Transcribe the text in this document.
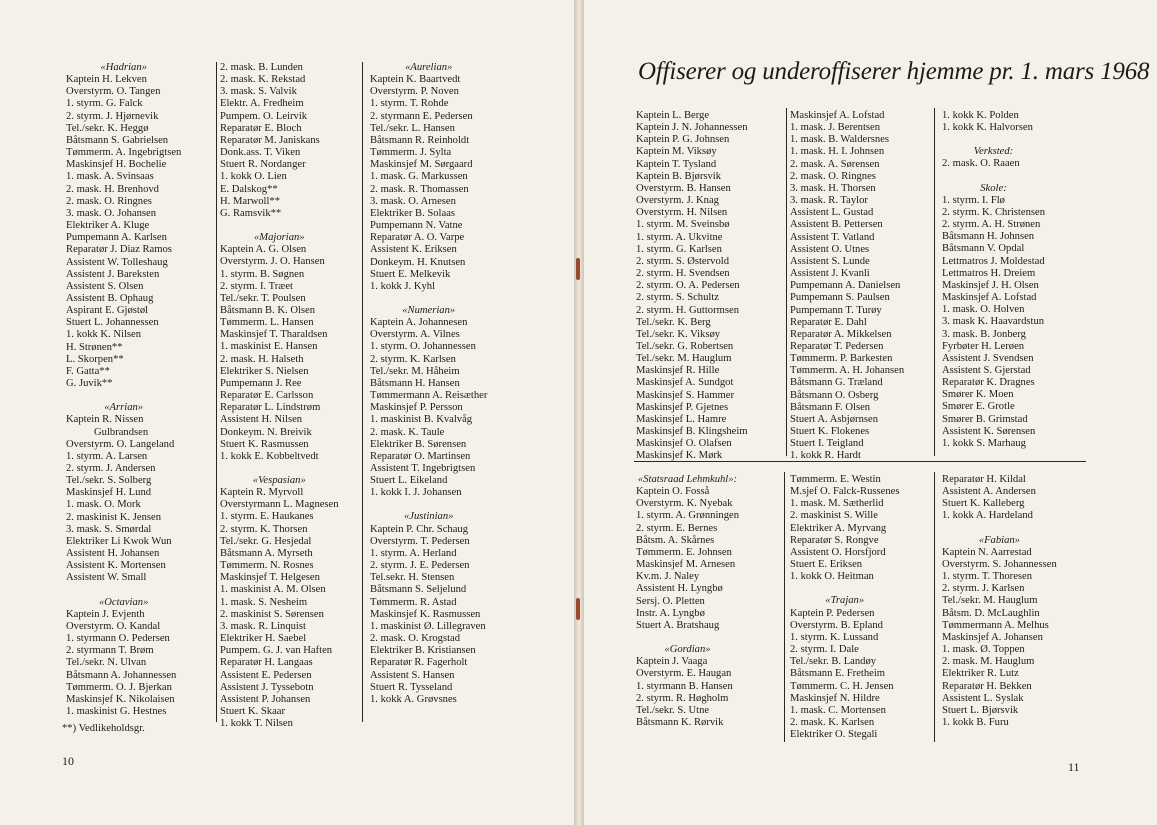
«Hadrian»
Kaptein H. Lekven
Overstyrm. O. Tangen
1. styrm. G. Falck
2. styrm. J. Hjørnevik
Tel./sekr. K. Heggø
Båtsmann S. Gabrielsen
Tømmerm. A. Ingebrigtsen
Maskinsjef H. Bochelie
1. mask. A. Svinsaas
2. mask. H. Brenhovd
2. mask. O. Ringnes
3. mask. O. Johansen
Elektriker A. Kluge
Pumpemann A. Karlsen
Reparatør J. Diaz Ramos
Assistent W. Tolleshaug
Assistent J. Bareksten
Assistent S. Olsen
Assistent B. Ophaug
Aspirant E. Gjøstøl
Stuert L. Johannessen
1. kokk K. Nilsen
H. Strønen**
L. Skorpen**
F. Gatta**
G. Juvik**
«Arrian»
Kaptein R. Nissen
Gulbrandsen
Overstyrm. O. Langeland
1. styrm. A. Larsen
2. styrm. J. Andersen
Tel./sekr. S. Solberg
Maskinsjef H. Lund
1. mask. O. Mork
2. maskinist K. Jensen
3. mask. S. Smørdal
Elektriker Li Kwok Wun
Assistent H. Johansen
Assistent K. Mortensen
Assistent W. Small
«Octavian»
Kaptein J. Evjenth
Overstyrm. O. Kandal
1. styrmann O. Pedersen
2. styrmann T. Brøm
Tel./sekr. N. Ulvan
Båtsmann A. Johannessen
Tømmerm. O. J. Bjerkan
Maskinsjef K. Nikolaisen
1. maskinist G. Hestnes
2. mask. B. Lunden
2. mask. K. Rekstad
3. mask. S. Valvik
Elektr. A. Fredheim
Pumpem. O. Leirvik
Reparatør E. Bloch
Reparatør M. Janiskans
Donk.ass. T. Viken
Stuert R. Nordanger
1. kokk O. Lien
E. Dalskog**
H. Marwoll**
G. Ramsvik**
«Majorian»
Kaptein A. G. Olsen
Overstyrm. J. O. Hansen
1. styrm. B. Søgnen
2. styrm. I. Træet
Tel./sekr. T. Poulsen
Båtsmann B. K. Olsen
Tømmerm. L. Hansen
Maskinsjef T. Tharaldsen
1. maskinist E. Hansen
2. mask. H. Halseth
Elektriker S. Nielsen
Pumpemann J. Ree
Reparatør E. Carlsson
Reparatør L. Lindstrøm
Assistent H. Nilsen
Donkeym. N. Breivik
Stuert K. Rasmussen
1. kokk E. Kobbeltvedt
«Vespasian»
Kaptein R. Myrvoll
Overstyrmann L. Magnesen
1. styrm. E. Haukanes
2. styrm. K. Thorsen
Tel./sekr. G. Hesjedal
Båtsmann A. Myrseth
Tømmerm. N. Rosnes
Maskinsjef T. Helgesen
1. maskinist A. M. Olsen
1. mask. S. Nesheim
2. maskinist S. Sørensen
3. mask. R. Linquist
Elektriker H. Saebel
Pumpem. G. J. van Haften
Reparatør H. Langaas
Assistent E. Pedersen
Assistent J. Tyssebotn
Assistent P. Johansen
Stuert K. Skaar
1. kokk T. Nilsen
«Aurelian»
Kaptein K. Baartvedt
Overstyrm. P. Noven
1. styrm. T. Rohde
2. styrmann E. Pedersen
Tel./sekr. L. Hansen
Båtsmann R. Reinholdt
Tømmerm. J. Sylta
Maskinsjef M. Sørgaard
1. mask. G. Markussen
2. mask. R. Thomassen
3. mask. O. Arnesen
Elektriker B. Solaas
Pumpemann N. Vatne
Reparatør A. O. Varpe
Assistent K. Eriksen
Donkeym. H. Knutsen
Stuert E. Melkevik
1. kokk J. Kyhl
«Numerian»
Kaptein A. Johannesen
Overstyrm. A. Vilnes
1. styrm. O. Johannessen
2. styrm. K. Karlsen
Tel./sekr. M. Håheim
Båtsmann H. Hansen
Tømmermann A. Reisæther
Maskinsjef P. Persson
1. maskinist B. Kvalvåg
2. mask. K. Taule
Elektriker B. Sørensen
Reparatør O. Martinsen
Assistent T. Ingebrigtsen
Stuert L. Eikeland
1. kokk I. J. Johansen
«Justinian»
Kaptein P. Chr. Schaug
Overstyrm. T. Pedersen
1. styrm. A. Herland
2. styrm. J. E. Pedersen
Tel.sekr. H. Stensen
Båtsmann S. Seljelund
Tømmerm. R. Astad
Maskinsjef K. Rasmussen
1. maskinist Ø. Lillegraven
2. mask. O. Krogstad
Elektriker B. Kristiansen
Reparatør R. Fagerholt
Assistent S. Hansen
Stuert R. Tysseland
1. kokk A. Grøvsnes
**) Vedlikeholdsgr.
10
Offiserer og underoffiserer hjemme pr. 1. mars 1968
Kaptein L. Berge
Kaptein J. N. Johannessen
Kaptein P. G. Johnsen
Kaptein M. Viksøy
Kaptein T. Tysland
Kaptein B. Bjørsvik
Overstyrm. B. Hansen
Overstyrm. J. Knag
Overstyrm. H. Nilsen
1. styrm. M. Sveinsbø
1. styrm. A. Ukvitne
1. styrm. G. Karlsen
2. styrm. S. Østervold
2. styrm. H. Svendsen
2. styrm. O. A. Pedersen
2. styrm. S. Schultz
2. styrm. H. Guttormsen
Tel./sekr. K. Berg
Tel./sekr. K. Viksøy
Tel./sekr. G. Robertsen
Tel./sekr. M. Hauglum
Maskinsjef R. Hille
Maskinsjef A. Sundgot
Maskinsjef S. Hammer
Maskinsjef P. Gjetnes
Maskinsjef L. Hamre
Maskinsjef B. Klingsheim
Maskinsjef O. Olafsen
Maskinsjef K. Mørk
Maskinsjef A. Lofstad
1. mask. J. Berentsen
1. mask. B. Waldersnes
1. mask. H. I. Johnsen
2. mask. A. Sørensen
2. mask. O. Ringnes
3. mask. H. Thorsen
3. mask. R. Taylor
Assistent L. Gustad
Assistent B. Pettersen
Assistent T. Vatland
Assistent O. Utnes
Assistent S. Lunde
Assistent J. Kvanli
Pumpemann A. Danielsen
Pumpemann S. Paulsen
Pumpemann T. Turøy
Reparatør E. Dahl
Reparatør A. Mikkelsen
Reparatør T. Pedersen
Tømmerm. P. Barkesten
Tømmerm. A. H. Johansen
Båtsmann G. Træland
Båtsmann O. Osberg
Båtsmann F. Olsen
Stuert A. Asbjørnsen
Stuert K. Flokenes
Stuert I. Teigland
1. kokk R. Hardt
1. kokk K. Polden
1. kokk K. Halvorsen
Verksted:
2. mask. O. Raaen
Skole:
1. styrm. I. Flø
2. styrm. K. Christensen
2. styrm. A. H. Strønen
Båtsmann H. Johnsen
Båtsmann V. Opdal
Lettmatros J. Moldestad
Lettmatros H. Dreiem
Maskinsjef J. H. Olsen
Maskinsjef A. Lofstad
1. mask. O. Holven
3. mask K. Haavardstun
3. mask. B. Jonberg
Fyrbøter H. Lerøen
Assistent J. Svendsen
Assistent S. Gjerstad
Reparatør K. Dragnes
Smører K. Moen
Smører E. Grotle
Smører B. Grimstad
Assistent K. Sørensen
1. kokk S. Marhaug
«Statsraad Lehmkuhl»:
Kaptein O. Fosså
Overstyrm. K. Nyebak
1. styrm. A. Grønningen
2. styrm. E. Bernes
Båtsm. A. Skårnes
Tømmerm. E. Johnsen
Maskinsjef M. Arnesen
Kv.m. J. Naley
Assistent H. Lyngbø
Sersj. O. Pletten
Instr. A. Lyngbø
Stuert A. Bratshaug
«Gordian»
Kaptein J. Vaaga
Overstyrm. E. Haugan
1. styrmann B. Hansen
2. styrm. R. Høgholm
Tel./sekr. S. Utne
Båtsmann K. Rørvik
Tømmerm. E. Westin
M.sjef O. Falck-Russenes
1. mask. M. Sætherlid
2. maskinist S. Wille
Elektriker A. Myrvang
Reparatør S. Rongve
Assistent O. Horsfjord
Stuert E. Eriksen
1. kokk O. Heitman
«Trajan»
Kaptein P. Pedersen
Overstyrm. B. Epland
1. styrm. K. Lussand
2. styrm. I. Dale
Tel./sekr. B. Landøy
Båtsmann E. Fretheim
Tømmerm. C. H. Jensen
Maskinsjef N. Hildre
1. mask. C. Mortensen
2. mask. K. Karlsen
Elektriker O. Stegali
Reparatør H. Kildal
Assistent A. Andersen
Stuert K. Kalleberg
1. kokk A. Hardeland
«Fabian»
Kaptein N. Aarrestad
Overstyrm. S. Johannessen
1. styrm. T. Thoresen
2. styrm. J. Karlsen
Tel./sekr. M. Hauglum
Båtsm. D. McLaughlin
Tømmermann A. Melhus
Maskinsjef A. Johansen
1. mask. Ø. Toppen
2. mask. M. Hauglum
Elektriker R. Lutz
Reparatør H. Bekken
Assistent L. Syslak
Stuert L. Bjørsvik
1. kokk B. Furu
11
